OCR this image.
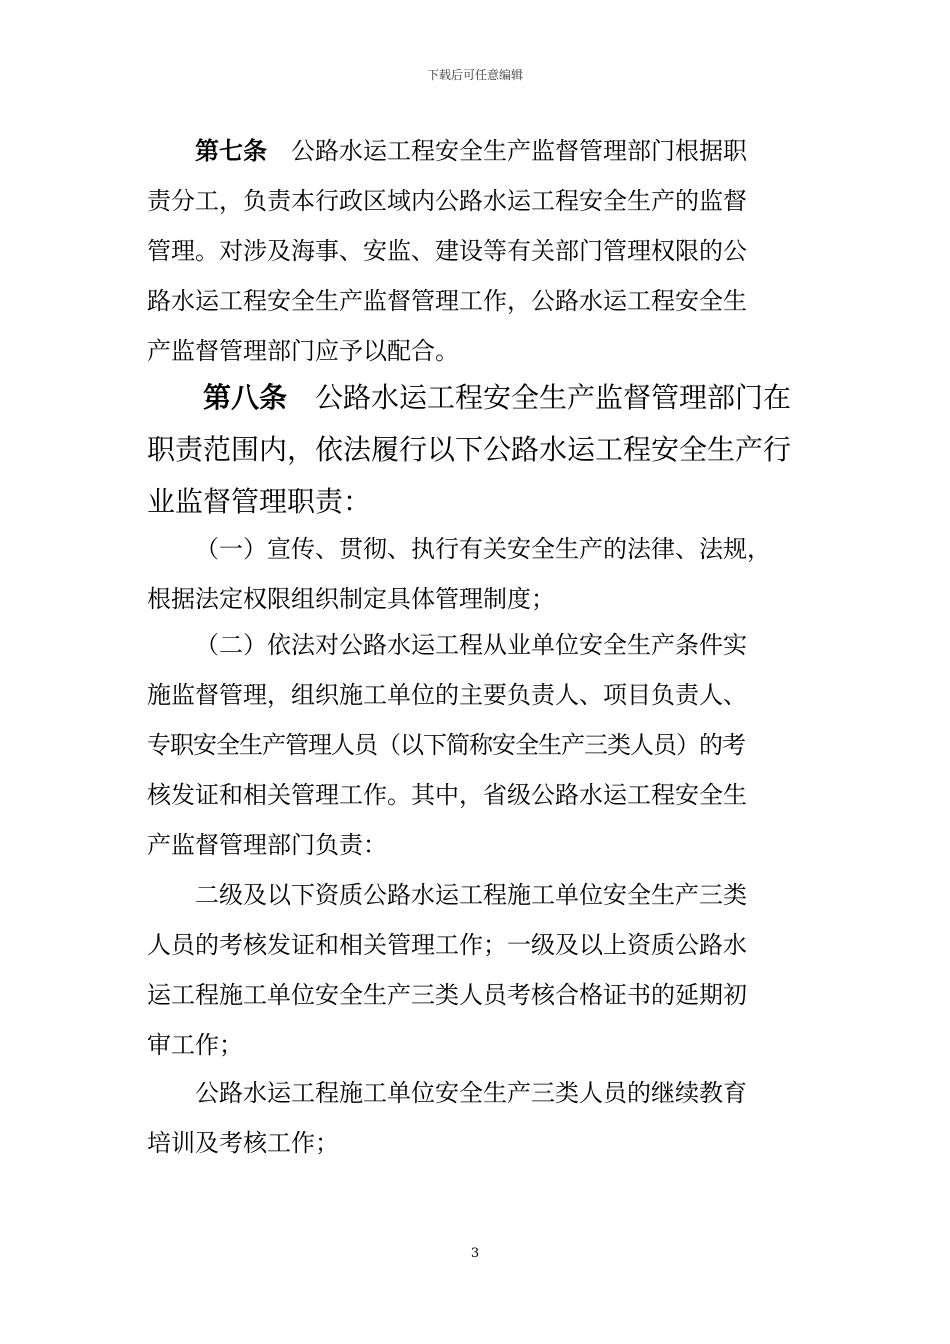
下载后可任意编辑
第七条　 公路水运工程安全生产监督管理部门根据职
责分工，负责本行政区域内公路水运工程安全生产的监督
管理。对涉及海事、安监、建设等有关部门管理权限的公
路水运工程安全生产监督管理工作，公路水运工程安全生
产监督管理部门应予以配合。
第八条　 公路水运工程安全生产监督管理部门在
职责范围内，依法履行以下公路水运工程安全生产行
业监督管理职责：
（一）宣传、贯彻、执行有关安全生产的法律、法规，
根据法定权限组织制定具体管理制度；
（二）依法对公路水运工程从业单位安全生产条件实
施监督管理，组织施工单位的主要负责人、项目负责人、
专职安全生产管理人员（以下简称安全生产三类人员）的考
核发证和相关管理工作。其中，省级公路水运工程安全生
产监督管理部门负责：
二级及以下资质公路水运工程施工单位安全生产三类
人员的考核发证和相关管理工作；一级及以上资质公路水
运工程施工单位安全生产三类人员考核合格证书的延期初
审工作；
公路水运工程施工单位安全生产三类人员的继续教育
培训及考核工作；
3
